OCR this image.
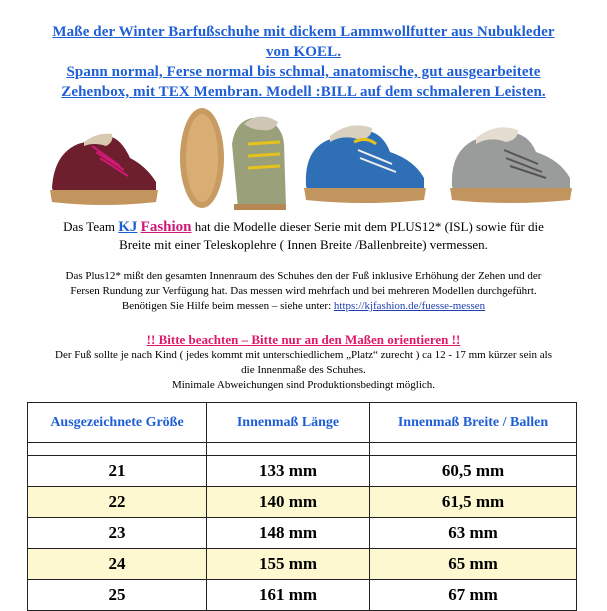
Maße der Winter Barfußschuhe mit dickem Lammwollfutter aus Nubukleder
von KOEL.
Spann normal, Ferse normal bis schmal, anatomische, gut ausgearbeitete
Zehenbox, mit TEX Membran. Modell :BILL auf dem schmaleren Leisten.
Das Team KJ Fashion hat die Modelle dieser Serie mit dem PLUS12* (ISL) sowie für die
Breite mit einer Teleskoplehre ( Innen Breite /Ballenbreite) vermessen.
Das Plus12* mißt den gesamten Innenraum des Schuhes den der Fuß inklusive Erhöhung der Zehen und der
Fersen Rundung zur Verfügung hat. Das messen wird mehrfach und bei mehreren Modellen durchgeführt.
Benötigen Sie Hilfe beim messen – siehe unter: https://kjfashion.de/fuesse-messen
!! Bitte beachten – Bitte nur an den Maßen orientieren !!
Der Fuß sollte je nach Kind ( jedes kommt mit unterschiedlichem „Platz“ zurecht ) ca 12 - 17 mm kürzer sein als
die Innenmaße des Schuhes.
Minimale Abweichungen sind Produktionsbedingt möglich.
Ausgezeichnete Größe	Innenmaß Länge	Innenmaß Breite / Ballen

21	133 mm	60,5 mm
22	140 mm	61,5 mm
23	148 mm	63 mm
24	155 mm	65 mm
25	161 mm	67 mm
